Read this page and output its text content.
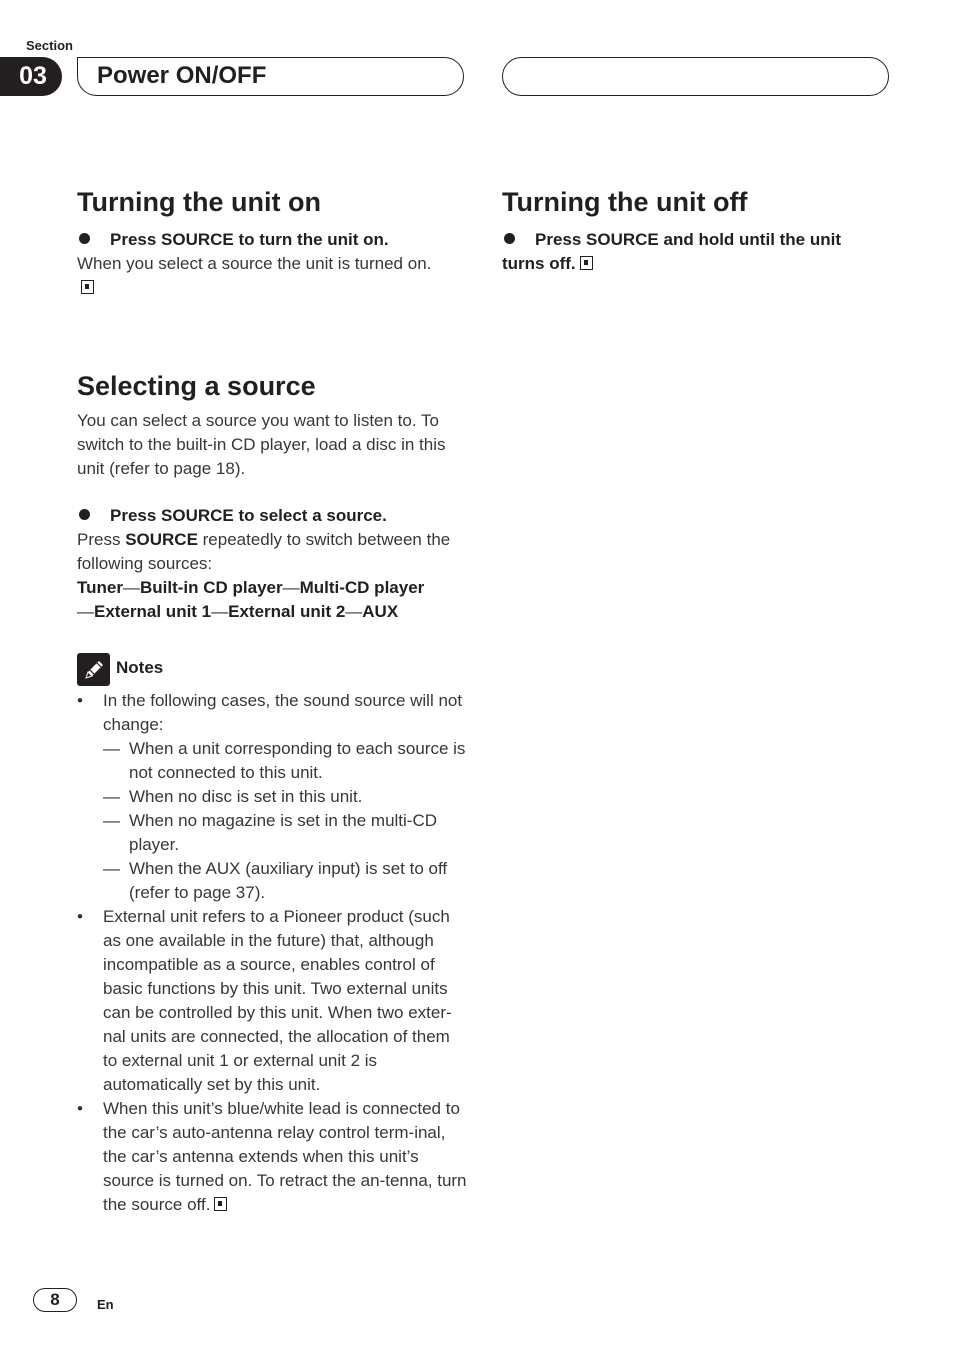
Section
03	Power ON/OFF
Turning the unit on

Press SOURCE to turn the unit on.

When you select a source the unit is turned on.

Selecting a source

You can select a source you want to listen to. To switch to the built-in CD player, load a disc in this unit (refer to page 18).

Press SOURCE to select a source.

Press SOURCE repeatedly to switch between the following sources:

Tuner—Built-in CD player—Multi-CD player
—External unit 1—External unit 2—AUX

Notes
• In the following cases, the sound source will not change:
— When a unit corresponding to each source is not connected to this unit.
— When no disc is set in this unit.
— When no magazine is set in the multi-CD player.
— When the AUX (auxiliary input) is set to off (refer to page 37).
• External unit refers to a Pioneer product (such as one available in the future) that, although incompatible as a source, enables control of basic functions by this unit. Two external units can be controlled by this unit. When two exter-nal units are connected, the allocation of them to external unit 1 or external unit 2 is automatically set by this unit.
• When this unit’s blue/white lead is connected to the car’s auto-antenna relay control term-inal, the car’s antenna extends when this unit’s source is turned on. To retract the an-tenna, turn the source off.
Turning the unit off

Press SOURCE and hold until the unit turns off.

8	En
